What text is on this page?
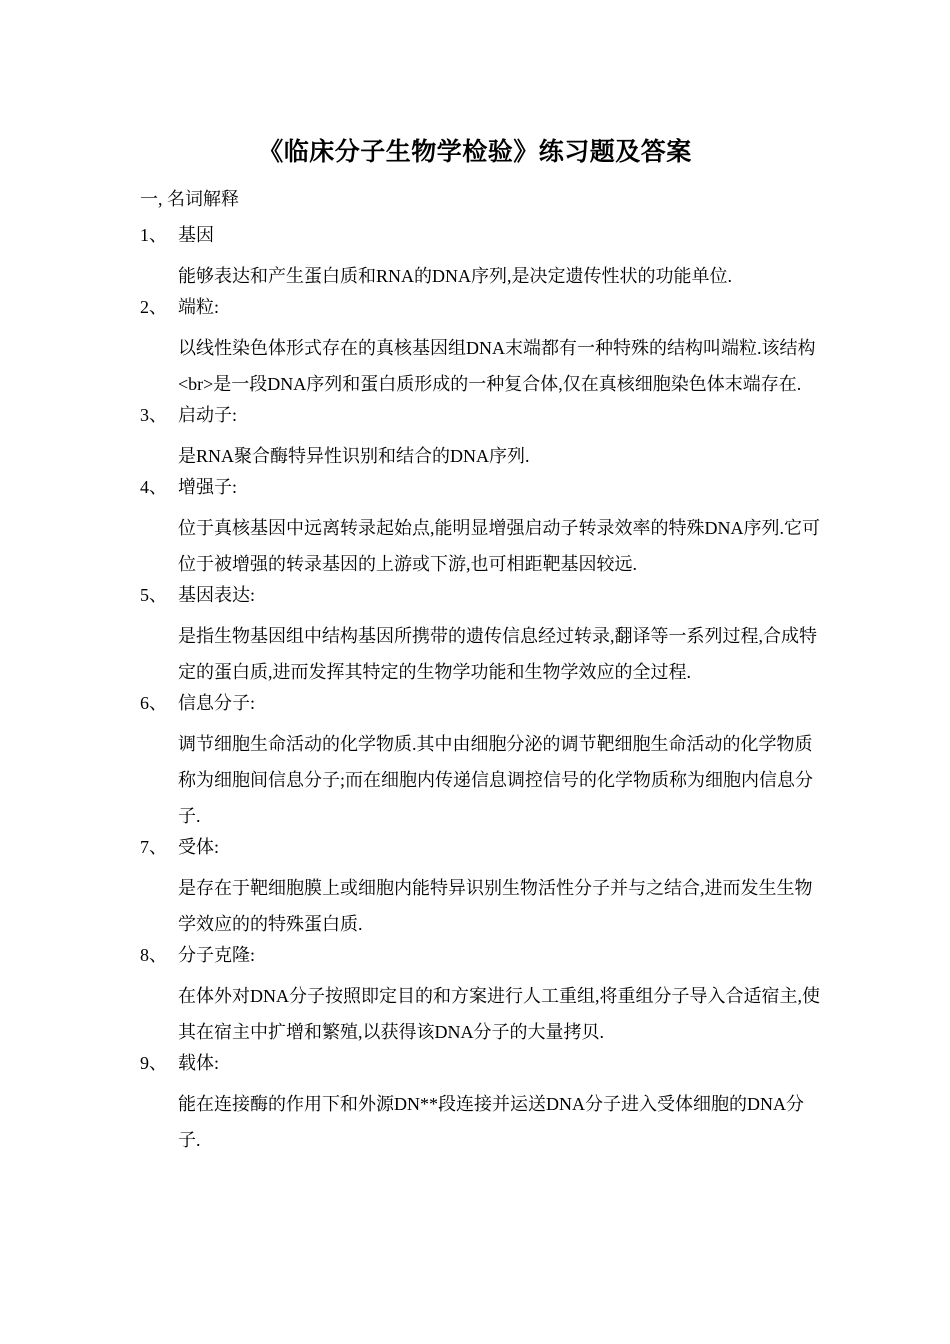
《临床分子生物学检验》练习题及答案
一, 名词解释
1、 基因

能够表达和产生蛋白质和RNA的DNA序列,是决定遗传性状的功能单位.

2、 端粒:

以线性染色体形式存在的真核基因组DNA末端都有一种特殊的结构叫端粒.该结构<br>是一段DNA序列和蛋白质形成的一种复合体,仅在真核细胞染色体末端存在.

3、 启动子:

是RNA聚合酶特异性识别和结合的DNA序列.

4、 增强子:

位于真核基因中远离转录起始点,能明显增强启动子转录效率的特殊DNA序列.它可位于被增强的转录基因的上游或下游,也可相距靶基因较远.

5、 基因表达:

是指生物基因组中结构基因所携带的遗传信息经过转录,翻译等一系列过程,合成特定的蛋白质,进而发挥其特定的生物学功能和生物学效应的全过程.

6、 信息分子:

调节细胞生命活动的化学物质.其中由细胞分泌的调节靶细胞生命活动的化学物质称为细胞间信息分子;而在细胞内传递信息调控信号的化学物质称为细胞内信息分子.

7、 受体:

是存在于靶细胞膜上或细胞内能特异识别生物活性分子并与之结合,进而发生生物学效应的的特殊蛋白质.

8、 分子克隆:

在体外对DNA分子按照即定目的和方案进行人工重组,将重组分子导入合适宿主,使其在宿主中扩增和繁殖,以获得该DNA分子的大量拷贝.

9、 载体:

能在连接酶的作用下和外源DN**段连接并运送DNA分子进入受体细胞的DNA分子.
